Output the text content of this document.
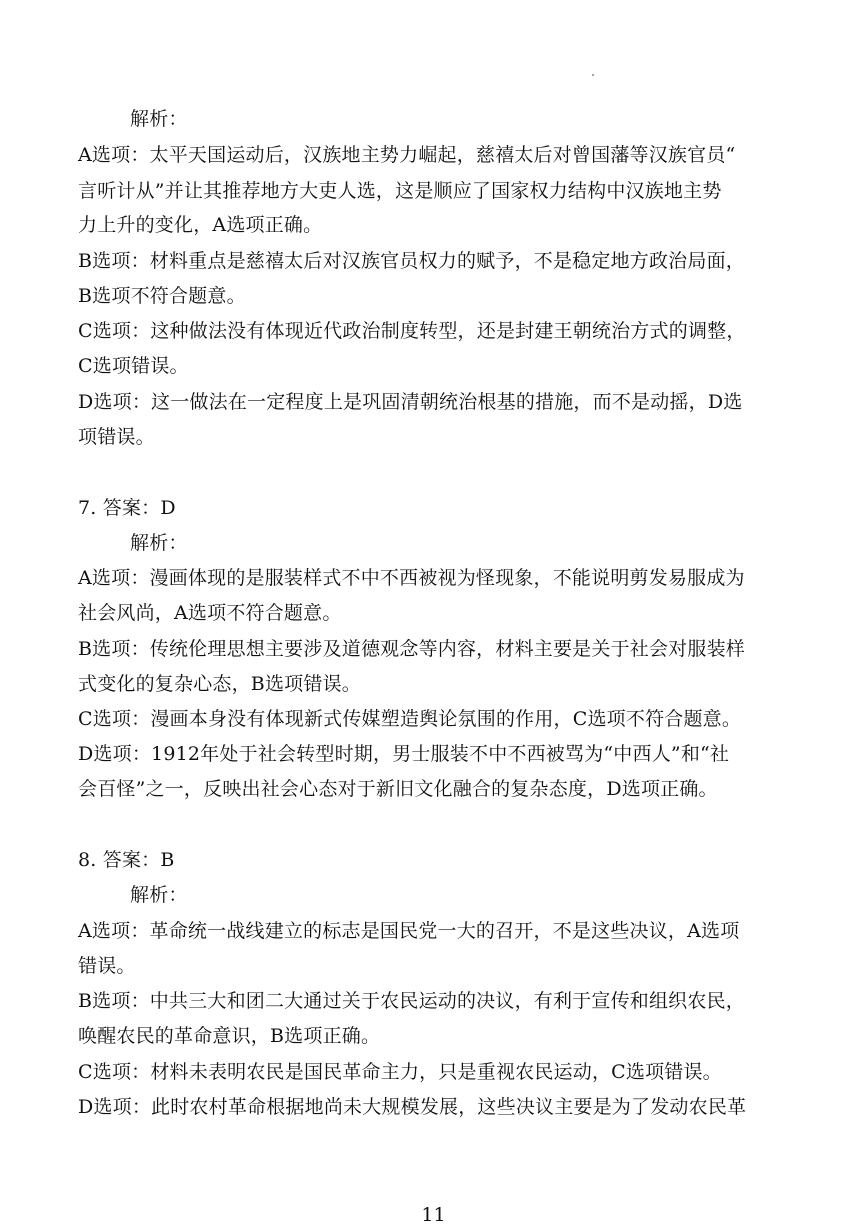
解析：
A选项：太平天国运动后，汉族地主势力崛起，慈禧太后对曾国藩等汉族官员“
言听计从”并让其推荐地方大吏人选，这是顺应了国家权力结构中汉族地主势
力上升的变化，A选项正确。
B选项：材料重点是慈禧太后对汉族官员权力的赋予，不是稳定地方政治局面，
B选项不符合题意。
C选项：这种做法没有体现近代政治制度转型，还是封建王朝统治方式的调整，
C选项错误。
D选项：这一做法在一定程度上是巩固清朝统治根基的措施，而不是动摇，D选
项错误。
7. 答案：D
解析：
A选项：漫画体现的是服装样式不中不西被视为怪现象，不能说明剪发易服成为
社会风尚，A选项不符合题意。
B选项：传统伦理思想主要涉及道德观念等内容，材料主要是关于社会对服装样
式变化的复杂心态，B选项错误。
C选项：漫画本身没有体现新式传媒塑造舆论氛围的作用，C选项不符合题意。
D选项：1912年处于社会转型时期，男士服装不中不西被骂为“中西人”和“社
会百怪”之一，反映出社会心态对于新旧文化融合的复杂态度，D选项正确。
8. 答案：B
解析：
A选项：革命统一战线建立的标志是国民党一大的召开，不是这些决议，A选项
错误。
B选项：中共三大和团二大通过关于农民运动的决议，有利于宣传和组织农民，
唤醒农民的革命意识，B选项正确。
C选项：材料未表明农民是国民革命主力，只是重视农民运动，C选项错误。
D选项：此时农村革命根据地尚未大规模发展，这些决议主要是为了发动农民革
11
